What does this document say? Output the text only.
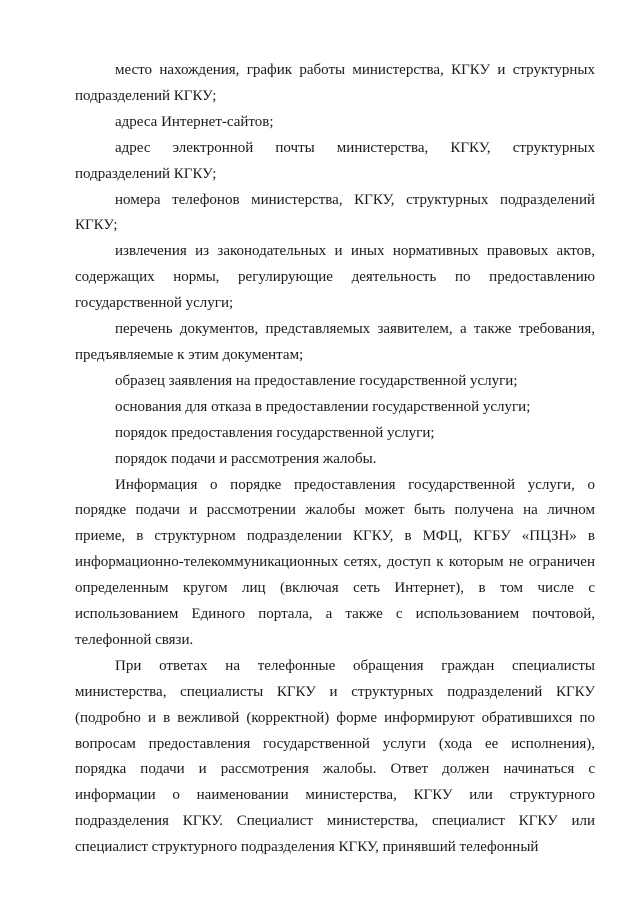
место нахождения, график работы министерства, КГКУ и структурных подразделений КГКУ;

адреса Интернет-сайтов;

адрес электронной почты министерства, КГКУ, структурных подразделений КГКУ;

номера телефонов министерства, КГКУ, структурных подразделений КГКУ;

извлечения из законодательных и иных нормативных правовых актов, содержащих нормы, регулирующие деятельность по предоставлению государственной услуги;

перечень документов, представляемых заявителем, а также требования, предъявляемые к этим документам;

образец заявления на предоставление государственной услуги;

основания для отказа в предоставлении государственной услуги;

порядок предоставления государственной услуги;

порядок подачи и рассмотрения жалобы.

Информация о порядке предоставления государственной услуги, о порядке подачи и рассмотрении жалобы может быть получена на личном приеме, в структурном подразделении КГКУ, в МФЦ, КГБУ «ПЦЗН» в информационно-телекоммуникационных сетях, доступ к которым не ограничен определенным кругом лиц (включая сеть Интернет), в том числе с использованием Единого портала, а также с использованием почтовой, телефонной связи.

При ответах на телефонные обращения граждан специалисты министерства, специалисты КГКУ и структурных подразделений КГКУ (подробно и в вежливой (корректной) форме информируют обратившихся по вопросам предоставления государственной услуги (хода ее исполнения), порядка подачи и рассмотрения жалобы. Ответ должен начинаться с информации о наименовании министерства, КГКУ или структурного подразделения КГКУ. Специалист министерства, специалист КГКУ или специалист структурного подразделения КГКУ, принявший телефонный
